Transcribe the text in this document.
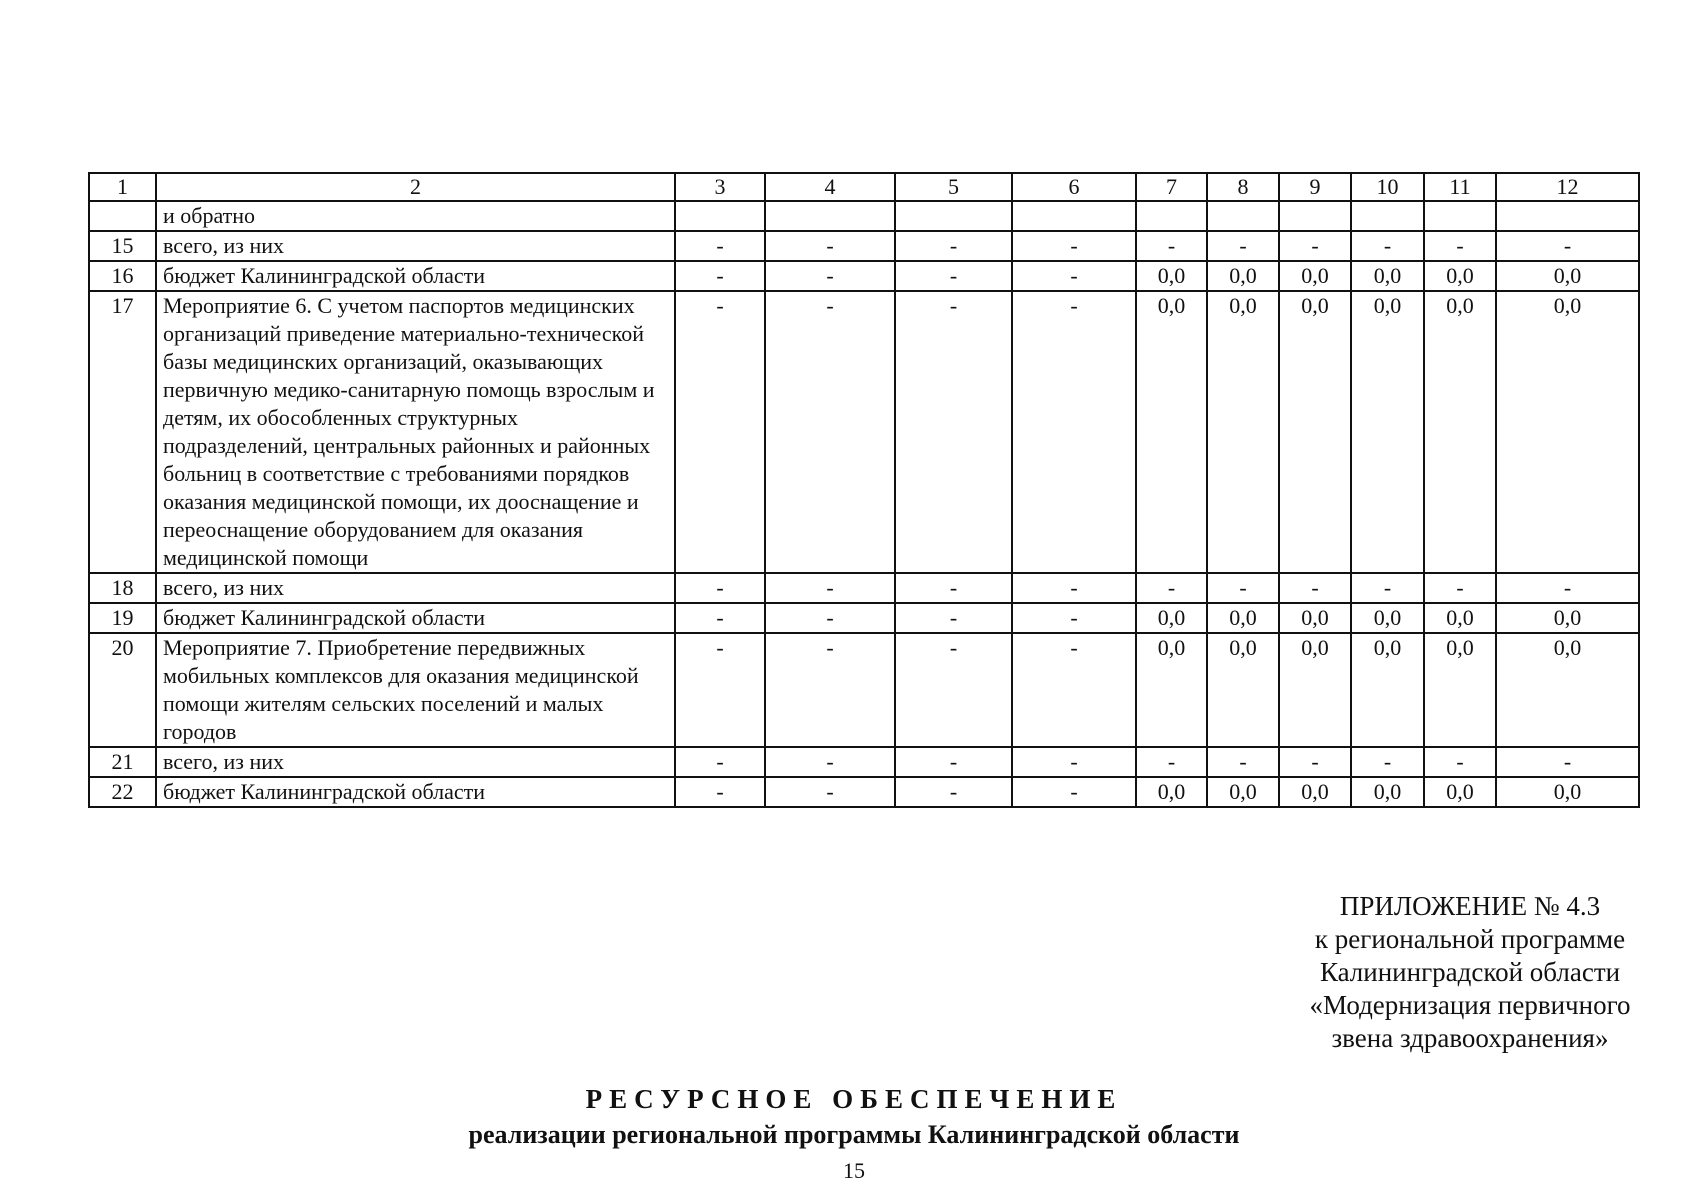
1	2	3	4	5	6	7	8	9	10	11	12
	и обратно										
15	всего, из них	-	-	-	-	-	-	-	-	-	-
16	бюджет Калининградской области	-	-	-	-	0,0	0,0	0,0	0,0	0,0	0,0
17	Мероприятие 6. С учетом паспортов медицинских организаций приведение материально-технической базы медицинских организаций, оказывающих первичную медико-санитарную помощь взрослым и детям, их обособленных структурных подразделений, центральных районных и районных больниц в соответствие с требованиями порядков оказания медицинской помощи, их дооснащение и переоснащение оборудованием для оказания медицинской помощи	-	-	-	-	0,0	0,0	0,0	0,0	0,0	0,0
18	всего, из них	-	-	-	-	-	-	-	-	-	-
19	бюджет Калининградской области	-	-	-	-	0,0	0,0	0,0	0,0	0,0	0,0
20	Мероприятие 7. Приобретение передвижных мобильных комплексов для оказания медицинской помощи жителям сельских поселений и малых городов	-	-	-	-	0,0	0,0	0,0	0,0	0,0	0,0
21	всего, из них	-	-	-	-	-	-	-	-	-	-
22	бюджет Калининградской области	-	-	-	-	0,0	0,0	0,0	0,0	0,0	0,0
ПРИЛОЖЕНИЕ № 4.3
к региональной программе
Калининградской области
«Модернизация первичного
звена здравоохранения»
РЕСУРСНОЕ ОБЕСПЕЧЕНИЕ
реализации региональной программы Калининградской области
15
